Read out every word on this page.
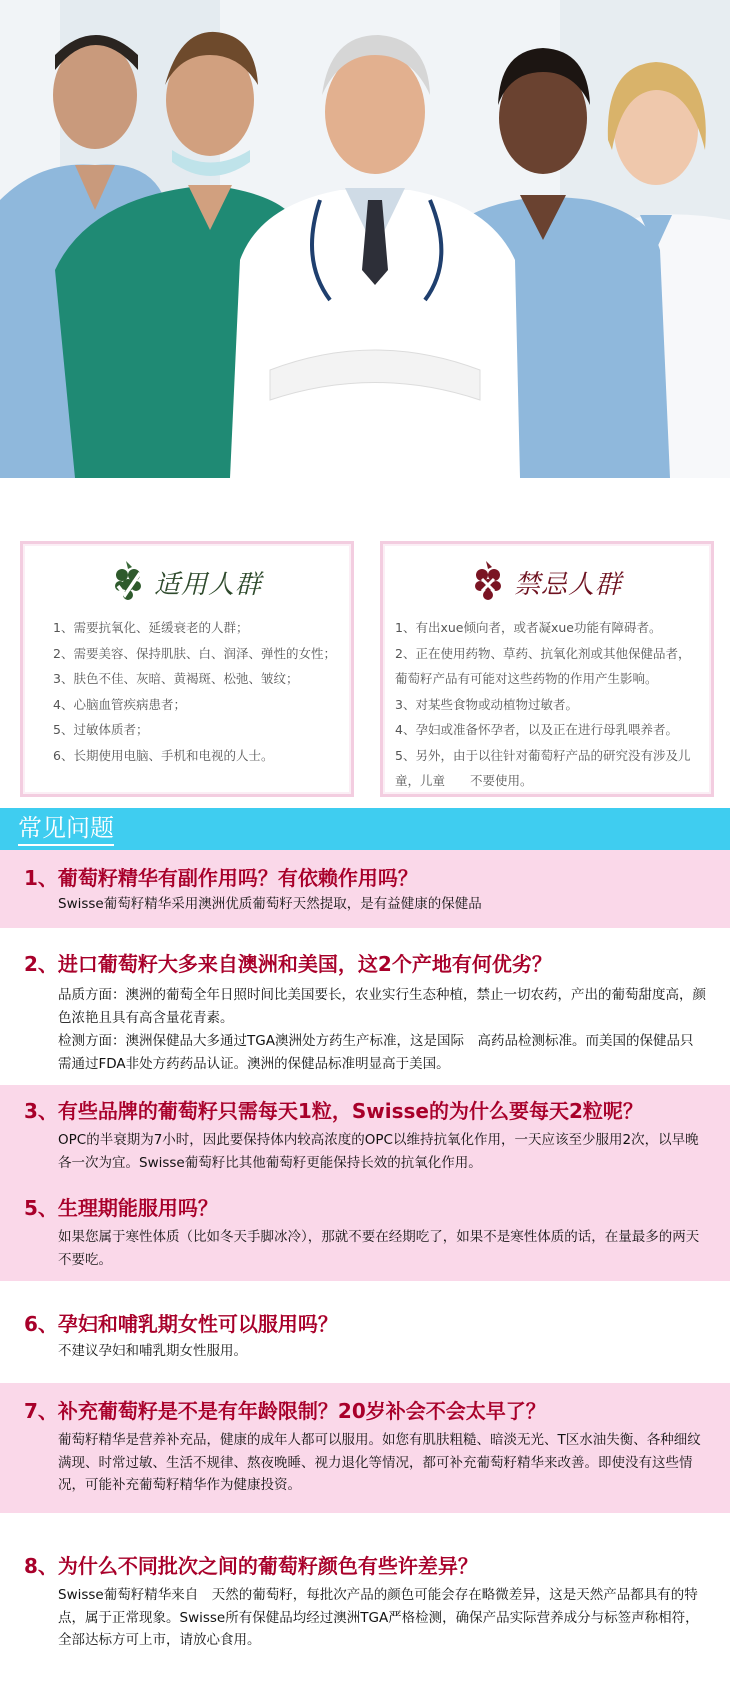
适用人群
1、需要抗氧化、延缓衰老的人群；
2、需要美容、保持肌肤、白、润泽、弹性的女性；
3、肤色不佳、灰暗、黄褐斑、松弛、皱纹；
4、心脑血管疾病患者；
5、过敏体质者；
6、长期使用电脑、手机和电视的人士。
禁忌人群
1、有出xue倾向者，或者凝xue功能有障碍者。
2、正在使用药物、草药、抗氧化剂或其他保健品者，葡萄籽产品有可能对这些药物的作用产生影响。
3、对某些食物或动植物过敏者。
4、孕妇或准备怀孕者，以及正在进行母乳喂养者。
5、另外，由于以往针对葡萄籽产品的研究没有涉及儿童，儿童　　不要使用。
常见问题
1、葡萄籽精华有副作用吗？有依赖作用吗？
Swisse葡萄籽精华采用澳洲优质葡萄籽天然提取，是有益健康的保健品
2、进口葡萄籽大多来自澳洲和美国，这2个产地有何优劣？
品质方面：澳洲的葡萄全年日照时间比美国要长，农业实行生态种植，禁止一切农药，产出的葡萄甜度高，颜色浓艳且具有高含量花青素。
检测方面：澳洲保健品大多通过TGA澳洲处方药生产标准，这是国际　高药品检测标准。而美国的保健品只需通过FDA非处方药药品认证。澳洲的保健品标准明显高于美国。
3、有些品牌的葡萄籽只需每天1粒，Swisse的为什么要每天2粒呢？
OPC的半衰期为7小时，因此要保持体内较高浓度的OPC以维持抗氧化作用，一天应该至少服用2次，以早晚各一次为宜。Swisse葡萄籽比其他葡萄籽更能保持长效的抗氧化作用。
5、生理期能服用吗？
如果您属于寒性体质（比如冬天手脚冰冷），那就不要在经期吃了，如果不是寒性体质的话，在量最多的两天不要吃。
6、孕妇和哺乳期女性可以服用吗？
不建议孕妇和哺乳期女性服用。
7、补充葡萄籽是不是有年龄限制？20岁补会不会太早了？
葡萄籽精华是营养补充品，健康的成年人都可以服用。如您有肌肤粗糙、暗淡无光、T区水油失衡、各种细纹满现、时常过敏、生活不规律、熬夜晚睡、视力退化等情况，都可补充葡萄籽精华来改善。即使没有这些情况，可能补充葡萄籽精华作为健康投资。
8、为什么不同批次之间的葡萄籽颜色有些许差异？
Swisse葡萄籽精华来自　天然的葡萄籽，每批次产品的颜色可能会存在略微差异，这是天然产品都具有的特点，属于正常现象。Swisse所有保健品均经过澳洲TGA严格检测，确保产品实际营养成分与标签声称相符，全部达标方可上市，请放心食用。
